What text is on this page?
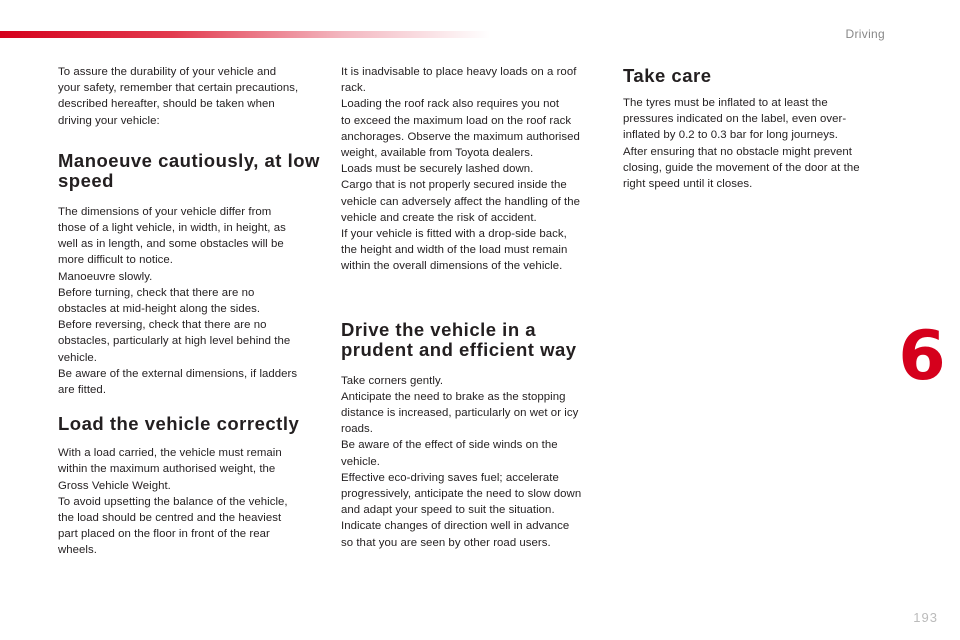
Driving
6

To assure the durability of your vehicle and
your safety, remember that certain precautions,
described hereafter, should be taken when
driving your vehicle:

Manoeuve cautiously, at low speed

The dimensions of your vehicle differ from
those of a light vehicle, in width, in height, as
well as in length, and some obstacles will be
more difficult to notice.
Manoeuvre slowly.
Before turning, check that there are no
obstacles at mid-height along the sides.
Before reversing, check that there are no
obstacles, particularly at high level behind the
vehicle.
Be aware of the external dimensions, if ladders
are fitted.

Load the vehicle correctly

With a load carried, the vehicle must remain
within the maximum authorised weight, the
Gross Vehicle Weight.
To avoid upsetting the balance of the vehicle,
the load should be centred and the heaviest
part placed on the floor in front of the rear
wheels.

It is inadvisable to place heavy loads on a roof
rack.
Loading the roof rack also requires you not
to exceed the maximum load on the roof rack
anchorages. Observe the maximum authorised
weight, available from Toyota dealers.
Loads must be securely lashed down.
Cargo that is not properly secured inside the
vehicle can adversely affect the handling of the
vehicle and create the risk of accident.
If your vehicle is fitted with a drop-side back,
the height and width of the load must remain
within the overall dimensions of the vehicle.

Drive the vehicle in a prudent and efficient way

Take corners gently.
Anticipate the need to brake as the stopping
distance is increased, particularly on wet or icy
roads.
Be aware of the effect of side winds on the
vehicle.
Effective eco-driving saves fuel; accelerate
progressively, anticipate the need to slow down
and adapt your speed to suit the situation.
Indicate changes of direction well in advance
so that you are seen by other road users.

Take care

The tyres must be inflated to at least the
pressures indicated on the label, even over-
inflated by 0.2 to 0.3 bar for long journeys.
After ensuring that no obstacle might prevent
closing, guide the movement of the door at the
right speed until it closes.

193
